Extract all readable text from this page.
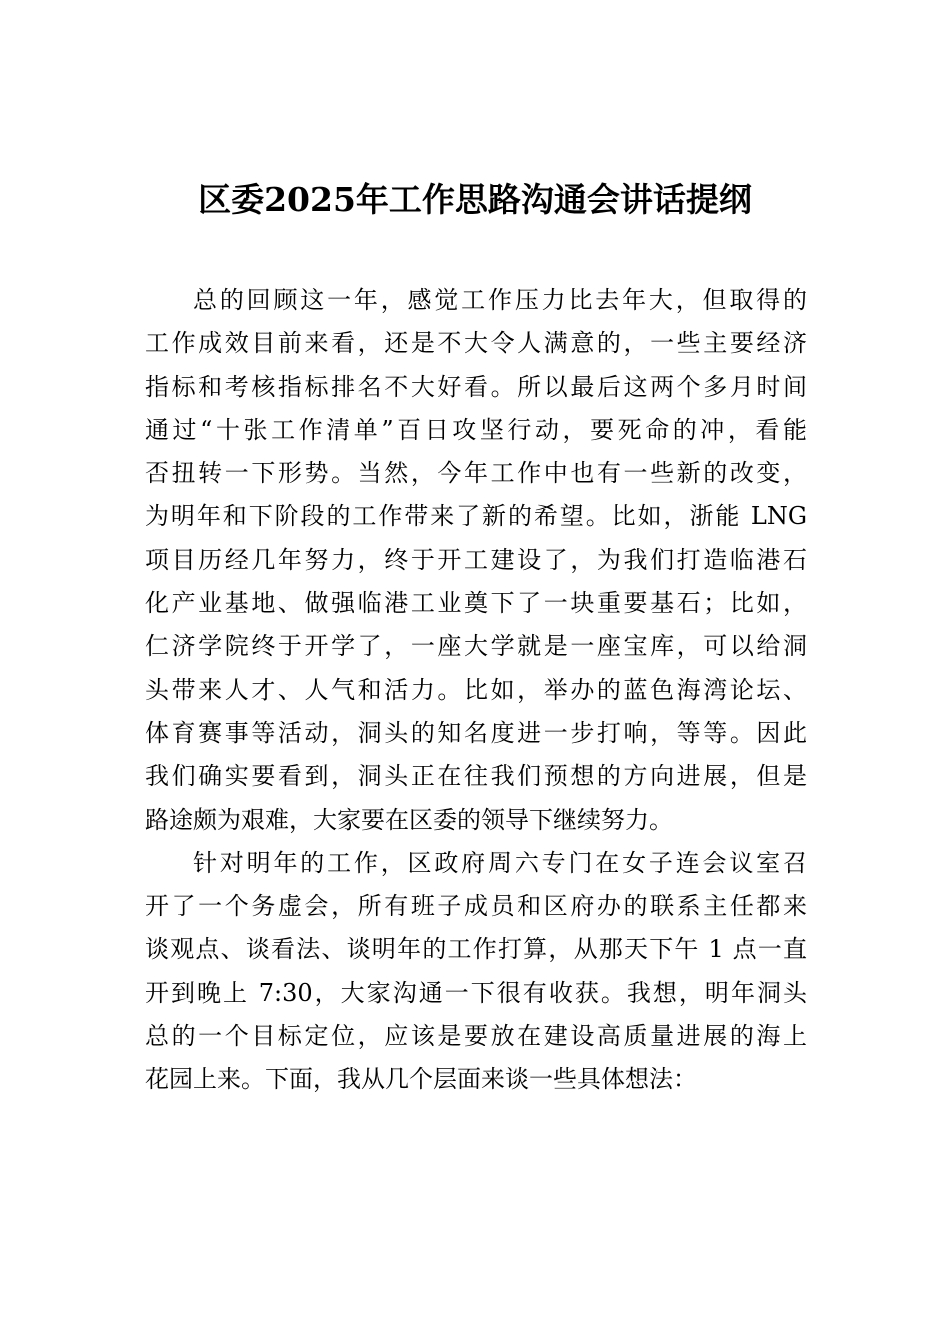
区委2025年工作思路沟通会讲话提纲
总的回顾这一年，感觉工作压力比去年大，但取得的
工作成效目前来看，还是不大令人满意的，一些主要经济
指标和考核指标排名不大好看。所以最后这两个多月时间
通过“十张工作清单”百日攻坚行动，要死命的冲，看能
否扭转一下形势。当然，今年工作中也有一些新的改变，
为明年和下阶段的工作带来了新的希望。比如，浙能 LNG
项目历经几年努力，终于开工建设了，为我们打造临港石
化产业基地、做强临港工业奠下了一块重要基石；比如，
仁济学院终于开学了，一座大学就是一座宝库，可以给洞
头带来人才、人气和活力。比如，举办的蓝色海湾论坛、
体育赛事等活动，洞头的知名度进一步打响，等等。因此
我们确实要看到，洞头正在往我们预想的方向进展，但是
路途颇为艰难，大家要在区委的领导下继续努力。
针对明年的工作，区政府周六专门在女子连会议室召
开了一个务虚会，所有班子成员和区府办的联系主任都来
谈观点、谈看法、谈明年的工作打算，从那天下午 1 点一直
开到晚上 7:30，大家沟通一下很有收获。我想，明年洞头
总的一个目标定位，应该是要放在建设高质量进展的海上
花园上来。下面，我从几个层面来谈一些具体想法：
